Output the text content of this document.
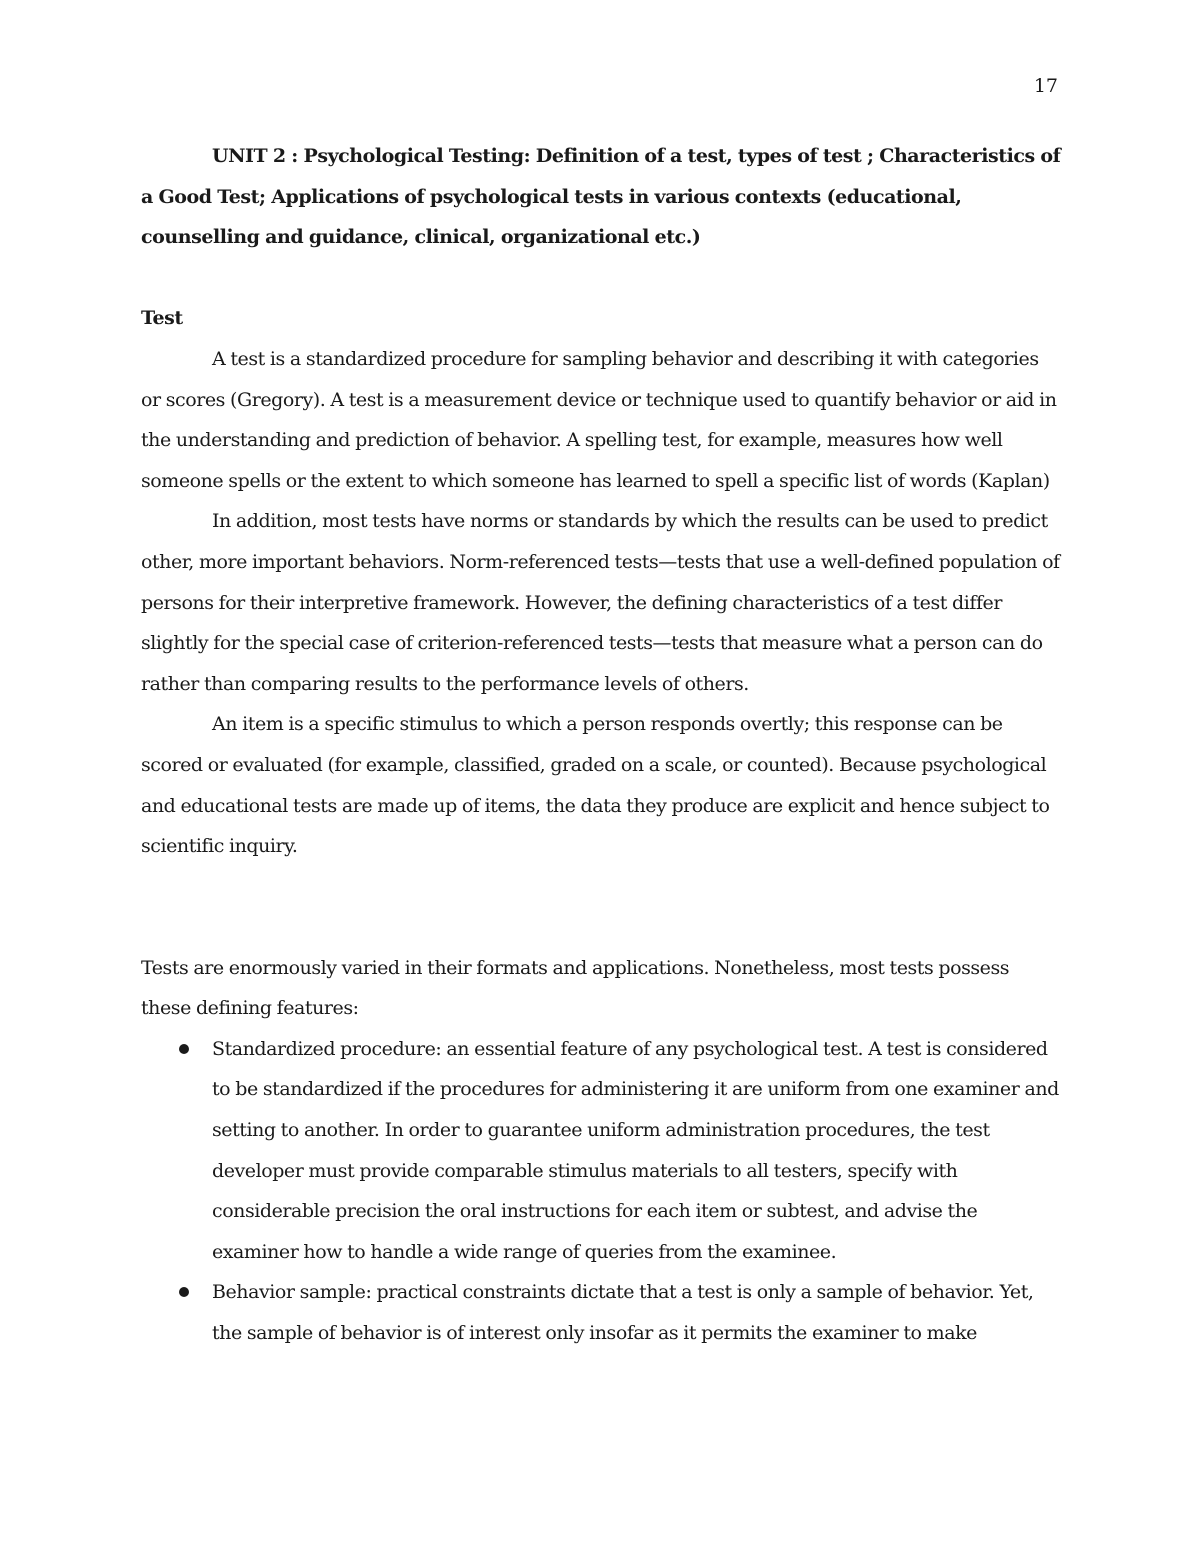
17

UNIT 2 : Psychological Testing: Definition of a test, types of test ; Characteristics of a Good Test; Applications of psychological tests in various contexts (educational, counselling and guidance, clinical, organizational etc.)

Test

A test is a standardized procedure for sampling behavior and describing it with categories or scores (Gregory). A test is a measurement device or technique used to quantify behavior or aid in the understanding and prediction of behavior. A spelling test, for example, measures how well someone spells or the extent to which someone has learned to spell a specific list of words (Kaplan)

In addition, most tests have norms or standards by which the results can be used to predict other, more important behaviors. Norm-referenced tests—tests that use a well-defined population of persons for their interpretive framework. However, the defining characteristics of a test differ slightly for the special case of criterion-referenced tests—tests that measure what a person can do rather than comparing results to the performance levels of others.

An item is a specific stimulus to which a person responds overtly; this response can be scored or evaluated (for example, classified, graded on a scale, or counted). Because psychological and educational tests are made up of items, the data they produce are explicit and hence subject to scientific inquiry.

Tests are enormously varied in their formats and applications. Nonetheless, most tests possess these defining features:

Standardized procedure: an essential feature of any psychological test. A test is considered to be standardized if the procedures for administering it are uniform from one examiner and setting to another. In order to guarantee uniform administration procedures, the test developer must provide comparable stimulus materials to all testers, specify with considerable precision the oral instructions for each item or subtest, and advise the examiner how to handle a wide range of queries from the examinee.
Behavior sample: practical constraints dictate that a test is only a sample of behavior. Yet, the sample of behavior is of interest only insofar as it permits the examiner to make
